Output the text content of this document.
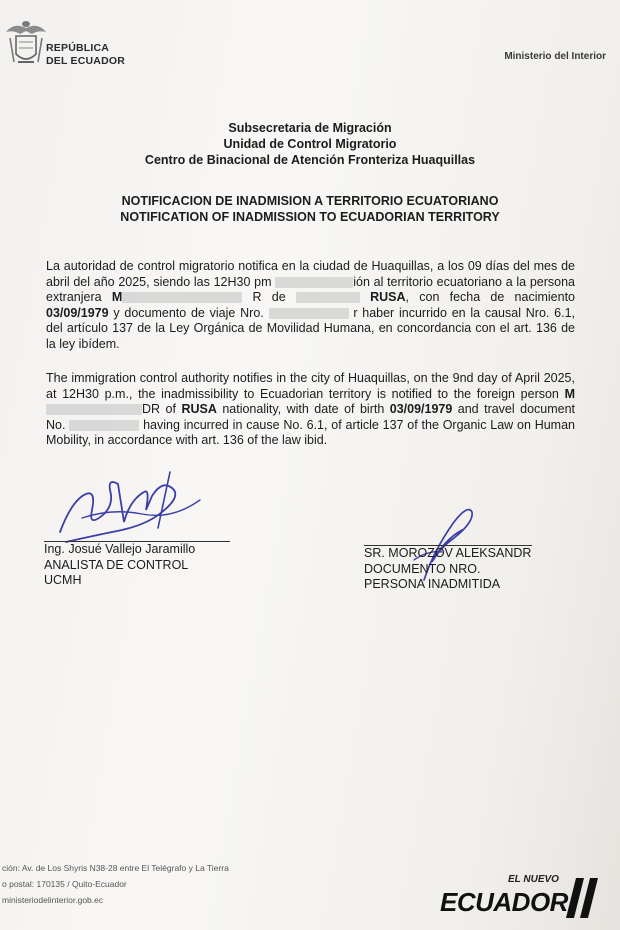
REPÚBLICA
DEL ECUADOR	Ministerio del Interior
Subsecretaria de Migración
Unidad de Control Migratorio
Centro de Binacional de Atención Fronteriza Huaquillas
NOTIFICACION DE INADMISION A TERRITORIO ECUATORIANO
NOTIFICATION OF INADMISSION TO ECUADORIAN TERRITORY
La autoridad de control migratorio notifica en la ciudad de Huaquillas, a los 09 días del mes de abril del año 2025, siendo las 12H30 pm	ión al territorio ecuatoriano a la persona extranjera M	R de	RUSA, con fecha de nacimiento 03/09/1979 y documento de viaje Nro.	r haber incurrido en la causal Nro. 6.1, del artículo 137 de la Ley Orgánica de Movilidad Humana, en concordancia con el art. 136 de la ley ibídem.
The immigration control authority notifies in the city of Huaquillas, on the 9nd day of April 2025, at 12H30 p.m., the inadmissibility to Ecuadorian territory is notified to the foreign person MDR of RUSA nationality, with date of birth 03/09/1979 and travel document No.	having incurred in cause No. 6.1, of article 137 of the Organic Law on Human Mobility, in accordance with art. 136 of the law ibid.
Ing. Josué Vallejo Jaramillo
ANALISTA DE CONTROL
UCMH
SR. MOROZOV ALEKSANDR
DOCUMENTO NRO.
PERSONA INADMITIDA
ción: Av. de Los Shyris N38-28 entre El Telégrafo y La Tierra
o postal: 170135 / Quito-Ecuador
ministeriodelinterior.gob.ec
EL NUEVO
ECUADOR
